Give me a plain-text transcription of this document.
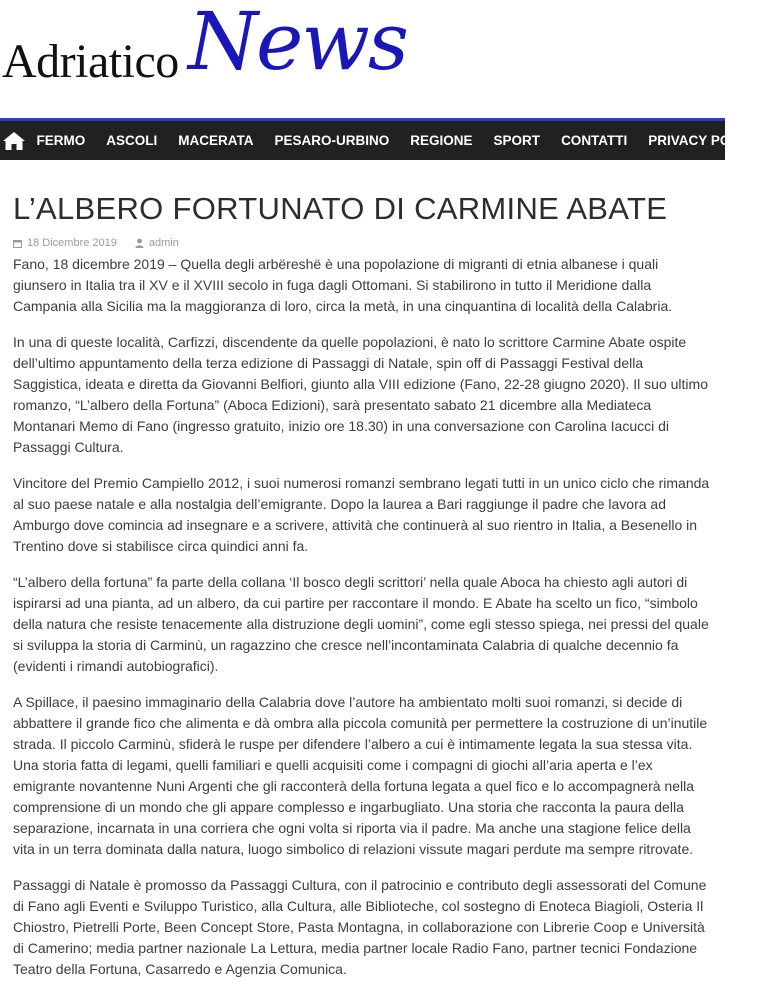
Adriatico News
FERMO	ASCOLI	MACERATA	PESARO-URBINO	REGIONE	SPORT	CONTATTI	PRIVACY POLICY
L’ALBERO FORTUNATO DI CARMINE ABATE
18 Dicembre 2019	admin

Fano, 18 dicembre 2019 – Quella degli arbëreshë è una popolazione di migranti di etnia albanese i quali giunsero in Italia tra il XV e il XVIII secolo in fuga dagli Ottomani. Si stabilirono in tutto il Meridione dalla Campania alla Sicilia ma la maggioranza di loro, circa la metà, in una cinquantina di località della Calabria.

In una di queste località, Carfizzi, discendente da quelle popolazioni, è nato lo scrittore Carmine Abate ospite dell’ultimo appuntamento della terza edizione di Passaggi di Natale, spin off di Passaggi Festival della Saggistica, ideata e diretta da Giovanni Belfiori, giunto alla VIII edizione (Fano, 22-28 giugno 2020). Il suo ultimo romanzo, “L’albero della Fortuna” (Aboca Edizioni), sarà presentato sabato 21 dicembre alla Mediateca Montanari Memo di Fano (ingresso gratuito, inizio ore 18.30) in una conversazione con Carolina Iacucci di Passaggi Cultura.

Vincitore del Premio Campiello 2012, i suoi numerosi romanzi sembrano legati tutti in un unico ciclo che rimanda al suo paese natale e alla nostalgia dell’emigrante. Dopo la laurea a Bari raggiunge il padre che lavora ad Amburgo dove comincia ad insegnare e a scrivere, attività che continuerà al suo rientro in Italia, a Besenello in Trentino dove si stabilisce circa quindici anni fa.

“L’albero della fortuna” fa parte della collana ‘Il bosco degli scrittori’ nella quale Aboca ha chiesto agli autori di ispirarsi ad una pianta, ad un albero, da cui partire per raccontare il mondo. E Abate ha scelto un fico, “simbolo della natura che resiste tenacemente alla distruzione degli uomini”, come egli stesso spiega, nei pressi del quale si sviluppa la storia di Carminù, un ragazzino che cresce nell’incontaminata Calabria di qualche decennio fa (evidenti i rimandi autobiografici).

A Spillace, il paesino immaginario della Calabria dove l’autore ha ambientato molti suoi romanzi, si decide di abbattere il grande fico che alimenta e dà ombra alla piccola comunità per permettere la costruzione di un’inutile strada. Il piccolo Carminù, sfiderà le ruspe per difendere l’albero a cui è intimamente legata la sua stessa vita. Una storia fatta di legami, quelli familiari e quelli acquisiti come i compagni di giochi all’aria aperta e l’ex emigrante novantenne Nuni Argenti che gli racconterà della fortuna legata a quel fico e lo accompagnerà nella comprensione di un mondo che gli appare complesso e ingarbugliato. Una storia che racconta la paura della separazione, incarnata in una corriera che ogni volta si riporta via il padre. Ma anche una stagione felice della vita in un terra dominata dalla natura, luogo simbolico di relazioni vissute magari perdute ma sempre ritrovate.

Passaggi di Natale è promosso da Passaggi Cultura, con il patrocinio e contributo degli assessorati del Comune di Fano agli Eventi e Sviluppo Turistico, alla Cultura, alle Biblioteche, col sostegno di Enoteca Biagioli, Osteria Il Chiostro, Pietrelli Porte, Been Concept Store, Pasta Montagna, in collaborazione con Librerie Coop e Università di Camerino; media partner nazionale La Lettura, media partner locale Radio Fano, partner tecnici Fondazione Teatro della Fortuna, Casarredo e Agenzia Comunica.
